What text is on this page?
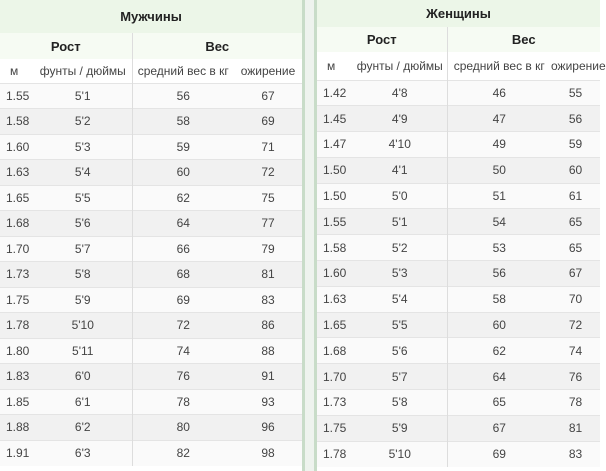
Мужчины			
Рост		Вес	
м	фунты / дюймы	средний вес в кг	ожирение
1.55	5'1	56	67
1.58	5'2	58	69
1.60	5'3	59	71
1.63	5'4	60	72
1.65	5'5	62	75
1.68	5'6	64	77
1.70	5'7	66	79
1.73	5'8	68	81
1.75	5'9	69	83
1.78	5'10	72	86
1.80	5'11	74	88
1.83	6'0	76	91
1.85	6'1	78	93
1.88	6'2	80	96
1.91	6'3	82	98
Женщины			
Рост		Вес	
м	фунты / дюймы	средний вес в кг	ожирение
1.42	4'8	46	55
1.45	4'9	47	56
1.47	4'10	49	59
1.50	4'1	50	60
1.50	5'0	51	61
1.55	5'1	54	65
1.58	5'2	53	65
1.60	5'3	56	67
1.63	5'4	58	70
1.65	5'5	60	72
1.68	5'6	62	74
1.70	5'7	64	76
1.73	5'8	65	78
1.75	5'9	67	81
1.78	5'10	69	83
